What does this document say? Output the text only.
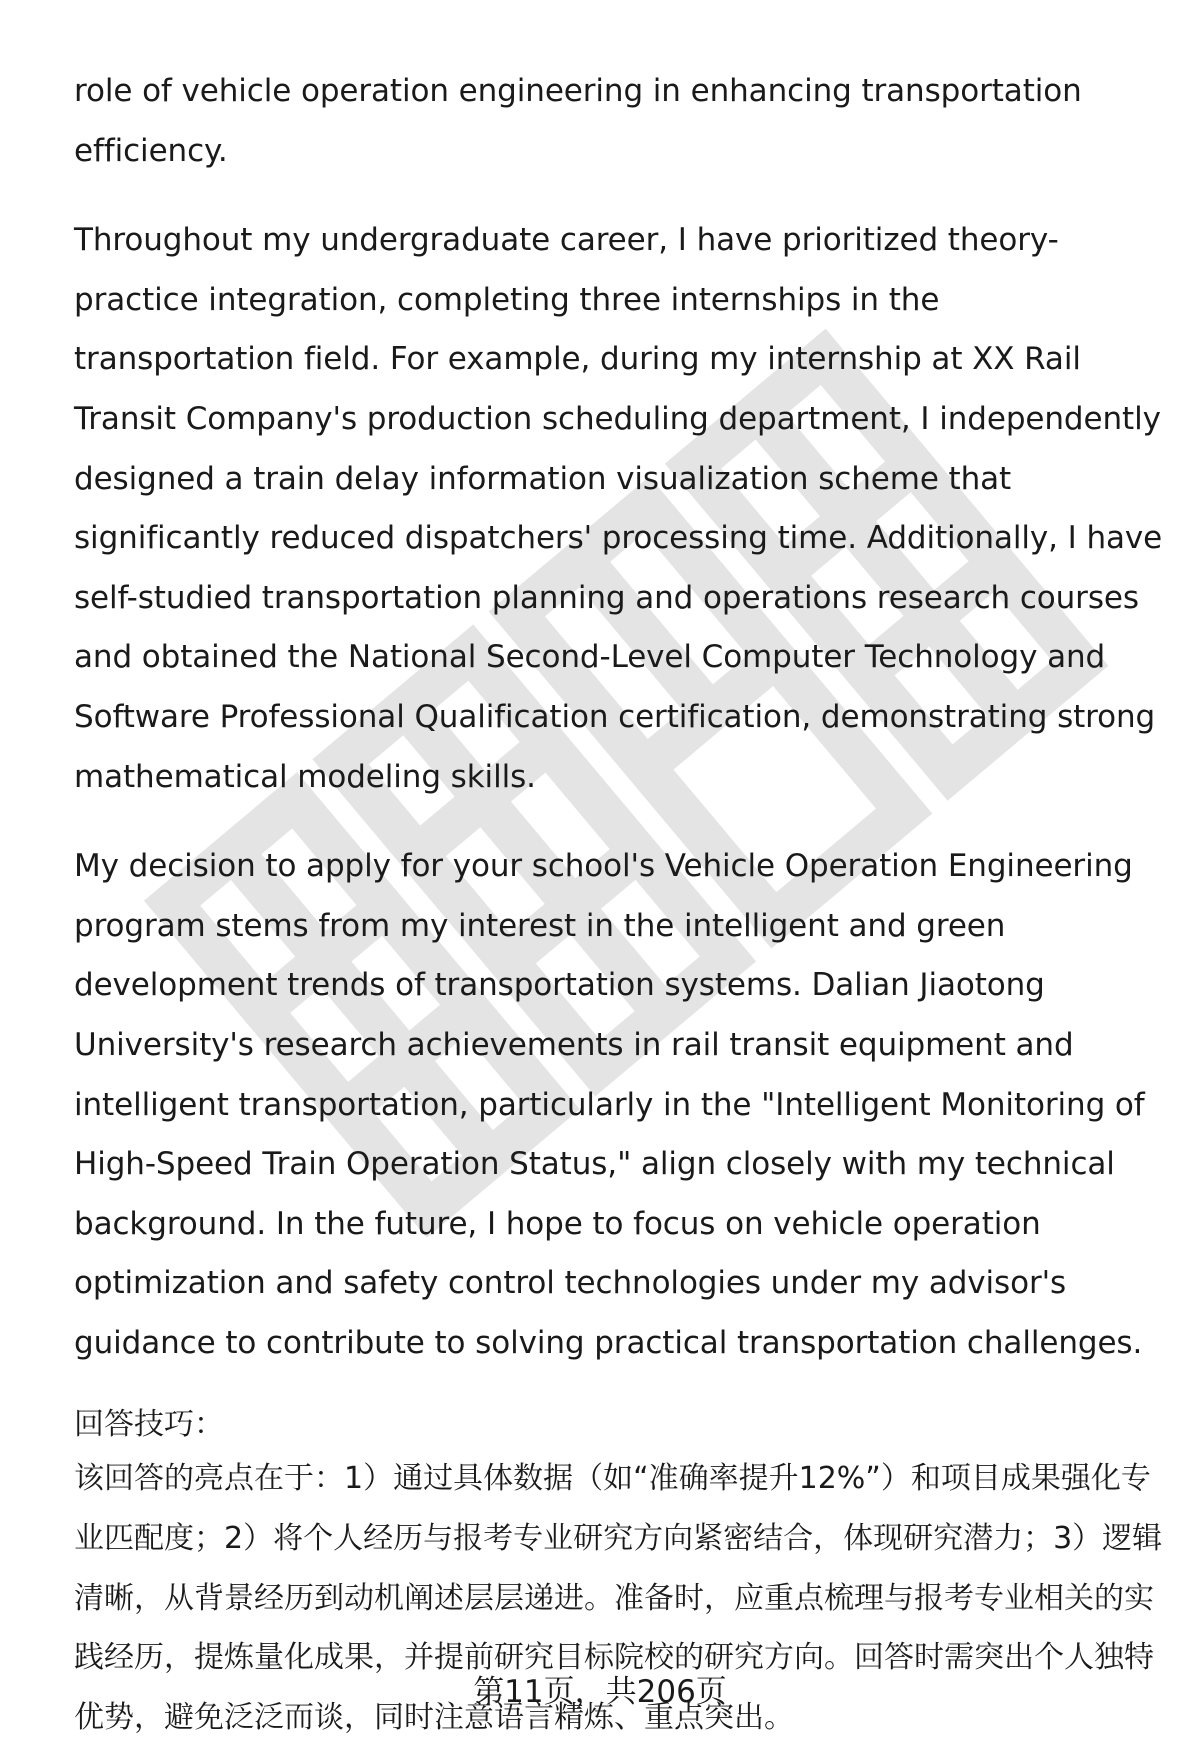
role of vehicle operation engineering in enhancing transportation efficiency.

Throughout my undergraduate career, I have prioritized theory-practice integration, completing three internships in the transportation field. For example, during my internship at XX Rail Transit Company's production scheduling department, I independently designed a train delay information visualization scheme that significantly reduced dispatchers' processing time. Additionally, I have self-studied transportation planning and operations research courses and obtained the National Second-Level Computer Technology and Software Professional Qualification certification, demonstrating strong mathematical modeling skills.

My decision to apply for your school's Vehicle Operation Engineering program stems from my interest in the intelligent and green development trends of transportation systems. Dalian Jiaotong University's research achievements in rail transit equipment and intelligent transportation, particularly in the "Intelligent Monitoring of High-Speed Train Operation Status," align closely with my technical background. In the future, I hope to focus on vehicle operation optimization and safety control technologies under my advisor's guidance to contribute to solving practical transportation challenges.

回答技巧：

该回答的亮点在于：1）通过具体数据（如“准确率提升12%”）和项目成果强化专业匹配度；2）将个人经历与报考专业研究方向紧密结合，体现研究潜力；3）逻辑清晰，从背景经历到动机阐述层层递进。准备时，应重点梳理与报考专业相关的实践经历，提炼量化成果，并提前研究目标院校的研究方向。回答时需突出个人独特优势，避免泛泛而谈，同时注意语言精炼、重点突出。

第11页，共206页
